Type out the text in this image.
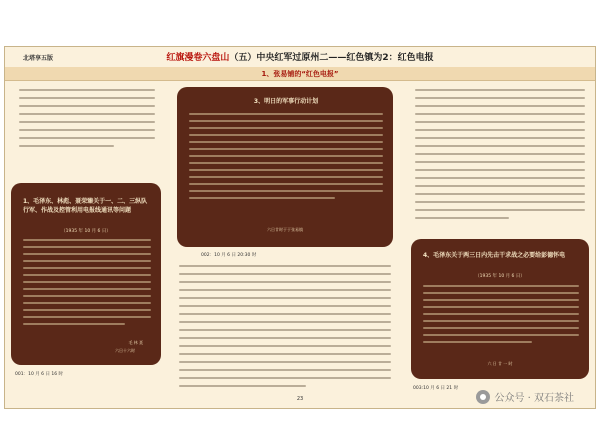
北塔享五版	红旗漫卷六盘山（五）中央红军过原州二——红色镇为2：红色电报
1、张易铺的“红色电报”
1、毛泽东、林彪、聂荣臻关于一、二、三纵队行军、作战及控管利用电报线通讯等问题
（1935 年 10 月 6 日）
毛 林 聂
六日十六时
001：10 月 6 日 16 时
3、明日的军事行动计划
六日廿时于于张易镇
002：10 月 6 日 20:30 时	4、毛泽东关于两三日内先击干求战之必要给彭德怀电
（1935 年 10 月 6 日）
六 日 廿 一 时
003:10 月 6 日 21 时
23	公众号 · 双石茶社
